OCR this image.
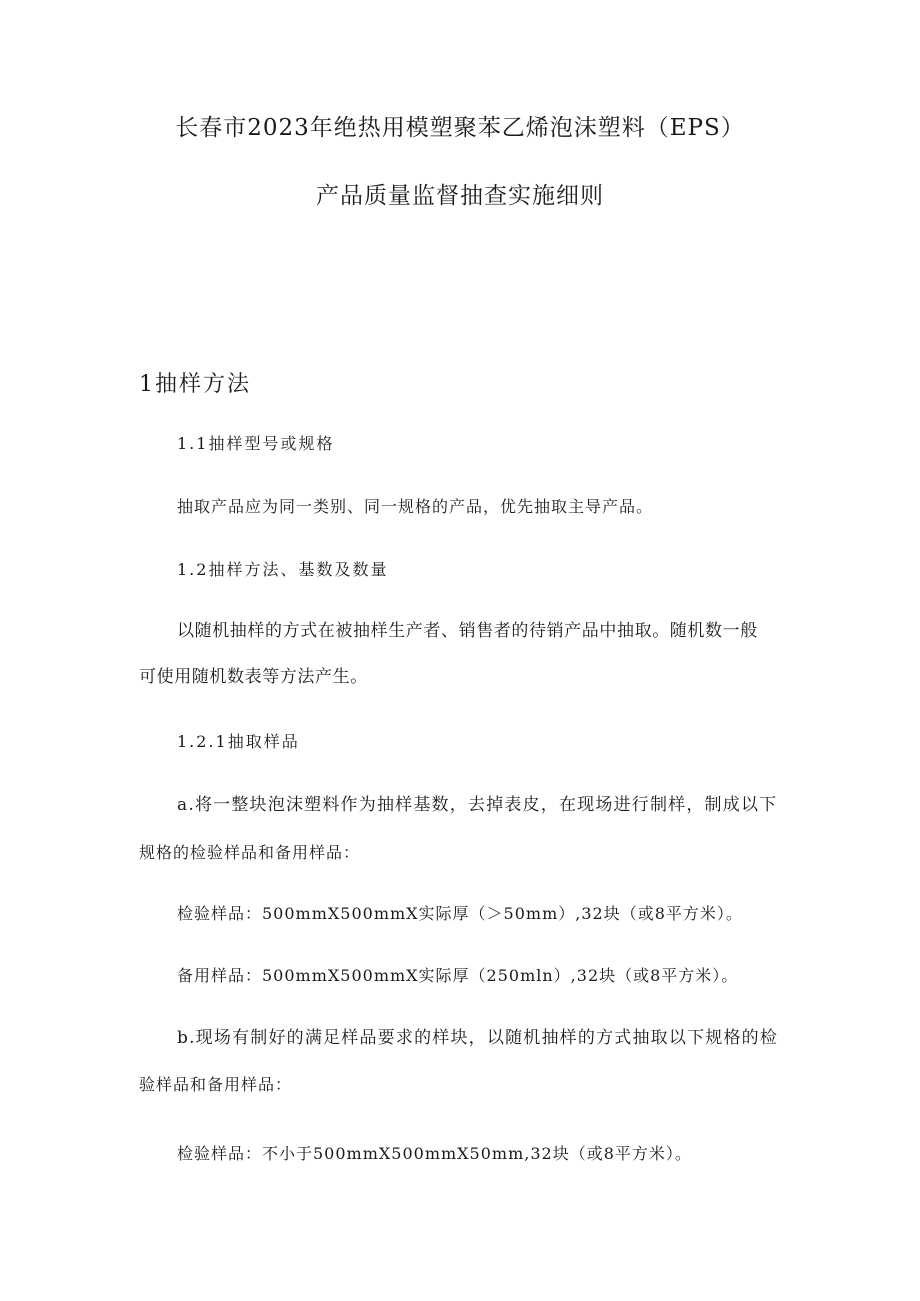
长春市2023年绝热用模塑聚苯乙烯泡沫塑料（EPS）
产品质量监督抽查实施细则
1抽样方法
1.1抽样型号或规格
抽取产品应为同一类别、同一规格的产品，优先抽取主导产品。
1.2抽样方法、基数及数量
以随机抽样的方式在被抽样生产者、销售者的待销产品中抽取。随机数一般
可使用随机数表等方法产生。
1.2.1抽取样品
a.将一整块泡沫塑料作为抽样基数，去掉表皮，在现场进行制样，制成以下
规格的检验样品和备用样品：
检验样品：500mmX500mmX实际厚（＞50mm）,32块（或8平方米）。
备用样品：500mmX500mmX实际厚（250mln）,32块（或8平方米）。
b.现场有制好的满足样品要求的样块，以随机抽样的方式抽取以下规格的检
验样品和备用样品：
检验样品：不小于500mmX500mmX50mm,32块（或8平方米）。
